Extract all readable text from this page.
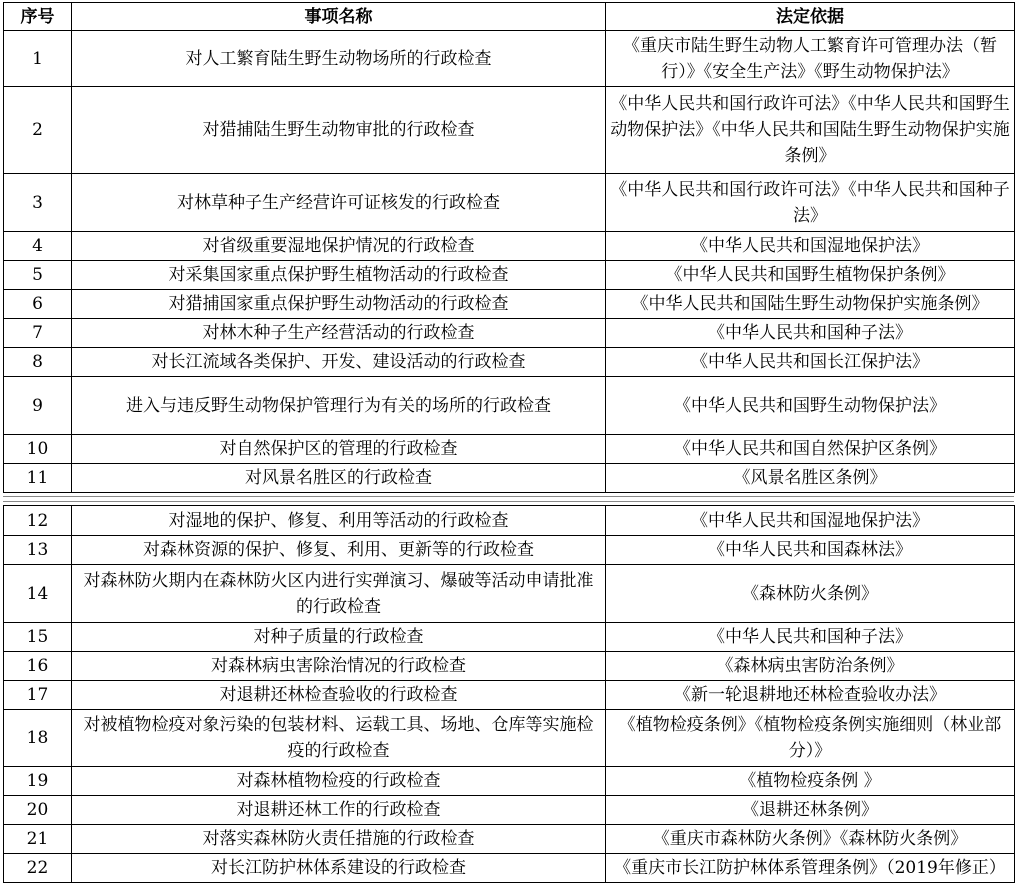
序号	事项名称	法定依据
1	对人工繁育陆生野生动物场所的行政检查	《重庆市陆生野生动物人工繁育许可管理办法（暂行）》《安全生产法》《野生动物保护法》
2	对猎捕陆生野生动物审批的行政检查	《中华人民共和国行政许可法》《中华人民共和国野生动物保护法》《中华人民共和国陆生野生动物保护实施条例》
3	对林草种子生产经营许可证核发的行政检查	《中华人民共和国行政许可法》《中华人民共和国种子法》
4	对省级重要湿地保护情况的行政检查	《中华人民共和国湿地保护法》
5	对采集国家重点保护野生植物活动的行政检查	《中华人民共和国野生植物保护条例》
6	对猎捕国家重点保护野生动物活动的行政检查	《中华人民共和国陆生野生动物保护实施条例》
7	对林木种子生产经营活动的行政检查	《中华人民共和国种子法》
8	对长江流域各类保护、开发、建设活动的行政检查	《中华人民共和国长江保护法》
9	进入与违反野生动物保护管理行为有关的场所的行政检查	《中华人民共和国野生动物保护法》
10	对自然保护区的管理的行政检查	《中华人民共和国自然保护区条例》
11	对风景名胜区的行政检查	《风景名胜区条例》
12	对湿地的保护、修复、利用等活动的行政检查	《中华人民共和国湿地保护法》
13	对森林资源的保护、修复、利用、更新等的行政检查	《中华人民共和国森林法》
14	对森林防火期内在森林防火区内进行实弹演习、爆破等活动申请批准的行政检查	《森林防火条例》
15	对种子质量的行政检查	《中华人民共和国种子法》
16	对森林病虫害除治情况的行政检查	《森林病虫害防治条例》
17	对退耕还林检查验收的行政检查	《新一轮退耕地还林检查验收办法》
18	对被植物检疫对象污染的包装材料、运载工具、场地、仓库等实施检疫的行政检查	《植物检疫条例》《植物检疫条例实施细则（林业部分）》
19	对森林植物检疫的行政检查	《植物检疫条例 》
20	对退耕还林工作的行政检查	《退耕还林条例》
21	对落实森林防火责任措施的行政检查	《重庆市森林防火条例》《森林防火条例》
22	对长江防护林体系建设的行政检查	《重庆市长江防护林体系管理条例》（2019年修正）
